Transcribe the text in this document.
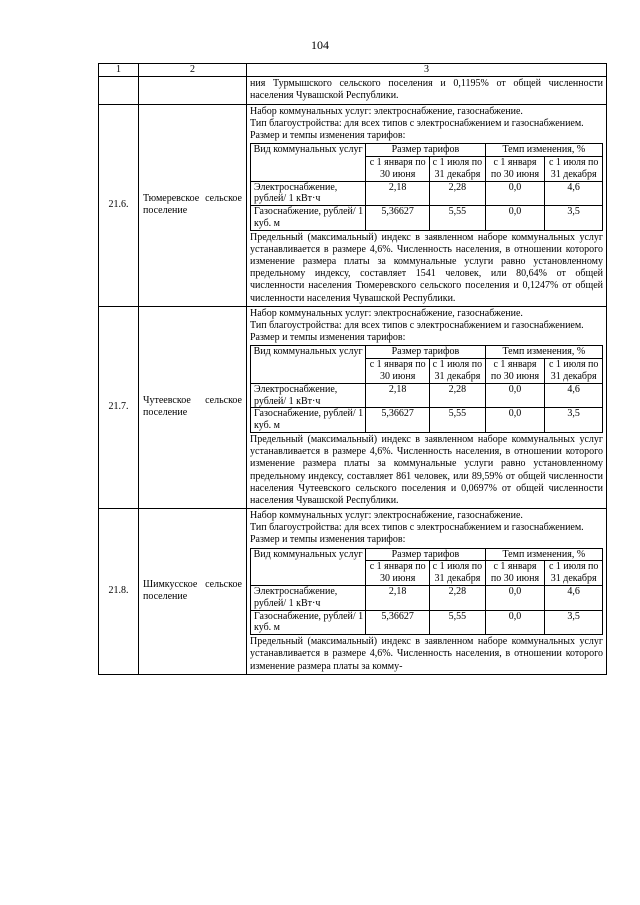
104
1	2	3
		ния Турмышского сельского поселения и 0,1195% от общей численности населения Чувашской Республики.
21.6.	Тюмеревское сельское поселение	
Набор коммунальных услуг: электроснабжение, газоснабжение.
Тип благоустройства: для всех типов с электроснабжением и газоснабжением.
Размер и темпы изменения тарифов:
Вид коммунальных услуг	Размер тарифов	Темп изменения, %
с 1 января по 30 июня	с 1 июля по 31 декабря	с 1 января по 30 июня	с 1 июля по 31 декабря
Электроснабжение, рублей/ 1 кВт·ч	2,18	2,28	0,0	4,6
Газоснабжение, рублей/ 1 куб. м	5,36627	5,55	0,0	3,5
Предельный (максимальный) индекс в заявленном наборе коммунальных услуг устанавливается в размере 4,6%. Численность населения, в отношении которого изменение размера платы за коммунальные услуги равно установленному предельному индексу, составляет 1541 человек, или 80,64% от общей численности населения Тюмеревского сельского поселения и 0,1247% от общей численности населения Чувашской Республики.

21.7.	Чутеевское сельское поселение	
Набор коммунальных услуг: электроснабжение, газоснабжение.
Тип благоустройства: для всех типов с электроснабжением и газоснабжением.
Размер и темпы изменения тарифов:
Вид коммунальных услуг	Размер тарифов	Темп изменения, %
с 1 января по 30 июня	с 1 июля по 31 декабря	с 1 января по 30 июня	с 1 июля по 31 декабря
Электроснабжение, рублей/ 1 кВт·ч	2,18	2,28	0,0	4,6
Газоснабжение, рублей/ 1 куб. м	5,36627	5,55	0,0	3,5
Предельный (максимальный) индекс в заявленном наборе коммунальных услуг устанавливается в размере 4,6%. Численность населения, в отношении которого изменение размера платы за коммунальные услуги равно установленному предельному индексу, составляет 861 человек, или 89,59% от общей численности населения Чутеевского сельского поселения и 0,0697% от общей численности населения Чувашской Республики.

21.8.	Шимкусское сельское поселение	
Набор коммунальных услуг: электроснабжение, газоснабжение.
Тип благоустройства: для всех типов с электроснабжением и газоснабжением.
Размер и темпы изменения тарифов:
Вид коммунальных услуг	Размер тарифов	Темп изменения, %
с 1 января по 30 июня	с 1 июля по 31 декабря	с 1 января по 30 июня	с 1 июля по 31 декабря
Электроснабжение, рублей/ 1 кВт·ч	2,18	2,28	0,0	4,6
Газоснабжение, рублей/ 1 куб. м	5,36627	5,55	0,0	3,5
Предельный (максимальный) индекс в заявленном наборе коммунальных услуг устанавливается в размере 4,6%. Численность населения, в отношении которого изменение размера платы за комму-
